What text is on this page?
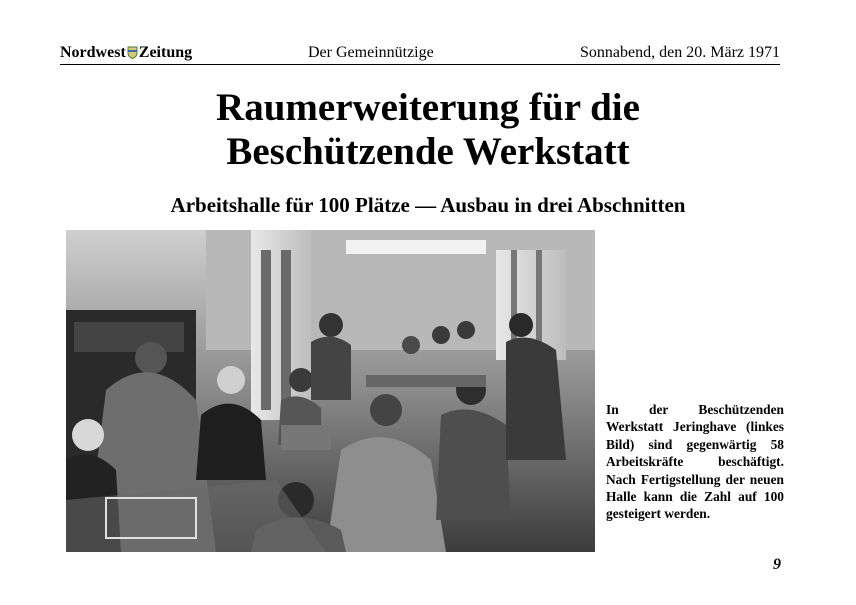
Nordwest Zeitung	Der Gemeinnützige	Sonnabend, den 20. März 1971
Raumerweiterung für die
Beschützende Werkstatt
Arbeitshalle für 100 Plätze — Ausbau in drei Abschnitten
In der Beschützenden Werkstatt Jeringhave (linkes Bild) sind gegenwärtig 58 Arbeitskräfte beschäftigt. Nach Fertigstellung der neuen Halle kann die Zahl auf 100 gesteigert werden.
9
